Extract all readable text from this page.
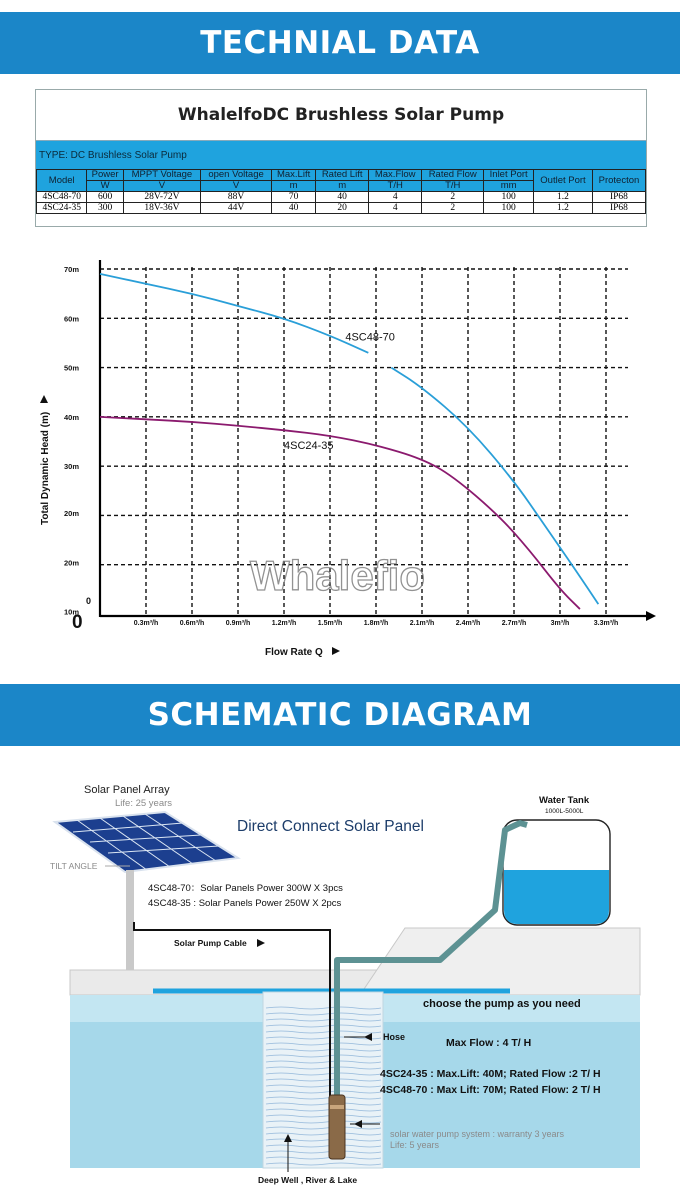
TECHNIAL DATA
WhalelfoDC Brushless Solar Pump
TYPE: DC Brushless Solar Pump
Model	Power	MPPT Voltage	open Voltage	Max.Lift	Rated Lift	Max.Flow	Rated Flow	Inlet Port	Outlet Port	Protecton
	W	V	V	m	m	T/H	T/H	mm		
4SC48-70	600	28V-72V	88V	70	40	4	2	100	1.2	IP68
4SC24-35	300	18V-36V	44V	40	20	4	2	100	1.2	IP68
70m
60m
50m
40m
30m
20m
20m
10m
0
0.3m³/h	0.6m³/h	0.9m³/h	1.2m³/h	1.5m³/h	1.8m³/h	2.1m³/h	2.4m³/h	2.7m³/h	3m³/h	3.3m³/h
4SC48-70
4SC24-35
Total Dynamic Head (m)
Flow Rate Q
0
Whalefio
SCHEMATIC DIAGRAM
TILT ANGLE
Solar Panel Array
Life: 25 years
Direct Connect Solar Panel
4SC48-70：Solar Panels Power 300W X 3pcs
4SC48-35 : Solar Panels Power 250W X 2pcs
Solar Pump Cable
Water Tank
1000L-5000L
choose the pump as you need
Hose	Max Flow : 4 T/ H
4SC24-35 : Max.Lift: 40M; Rated Flow :2 T/ H
4SC48-70 : Max Lift: 70M; Rated Flow: 2 T/ H
solar water pump system : warranty 3 years
Life: 5 years
Deep Well , River & Lake
